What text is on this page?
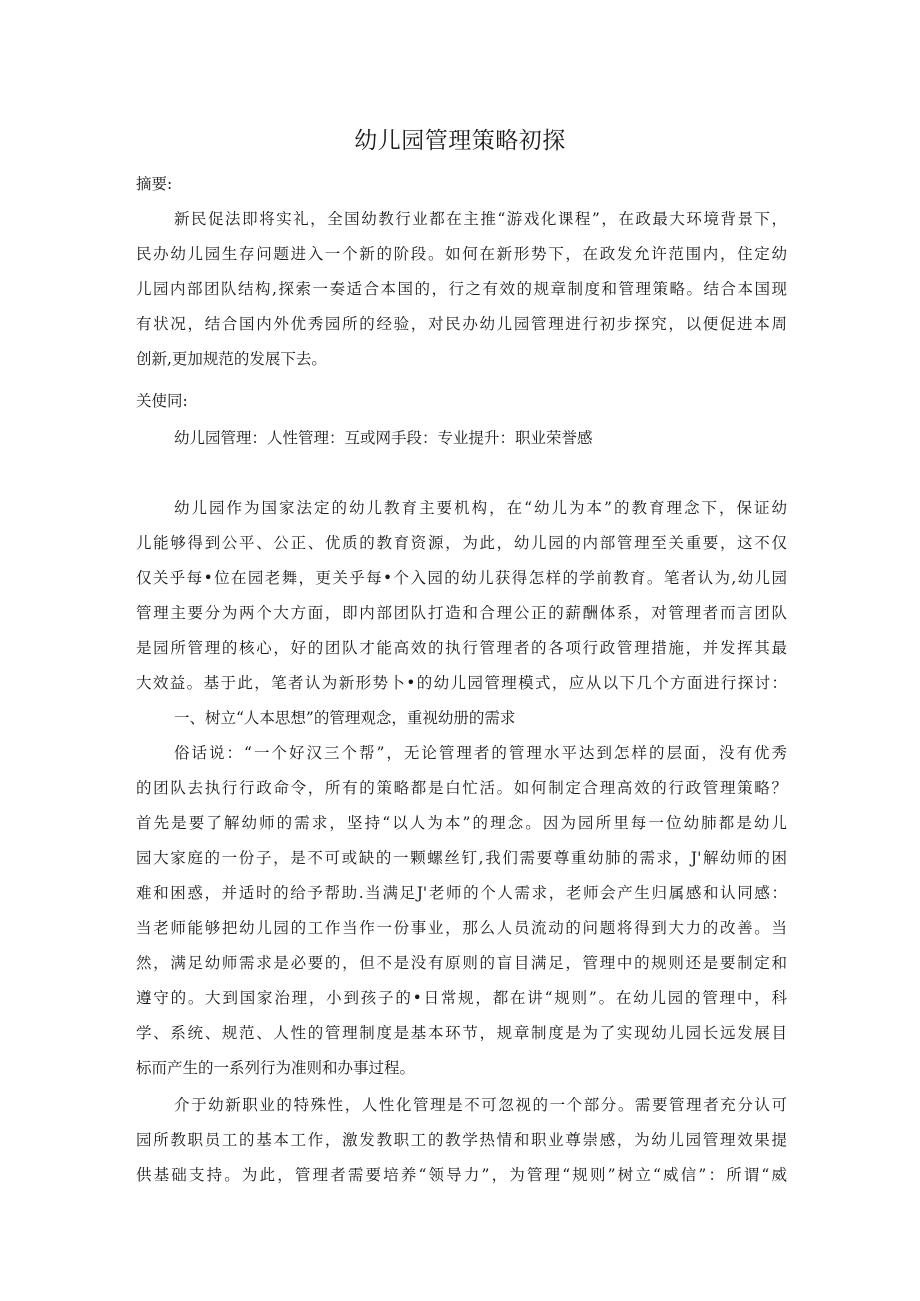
幼儿园管理策略初探
摘要:
新民促法即将实礼，全国幼教行业都在主推“游戏化课程”，在政最大环境背景下，
民办幼儿园生存问题进入一个新的阶段。如何在新形势下，在政发允许范围内，住定幼
儿园内部团队结构,探索一奏适合本国的，行之有效的规章制度和管理策略。结合本国现
有状况，结合国内外优秀园所的经验，对民办幼儿园管理进行初步探究，以便促进本周
创新,更加规范的发展下去。
关使同:
幼儿园管理：人性管理：互或网手段：专业提升：职业荣誉感
幼儿园作为国家法定的幼儿教育主要机构，在“幼儿为本”的教育理念下，保证幼
儿能够得到公平、公正、优质的教育资源，为此，幼儿园的内部管理至关重要，这不仅
仅关乎每•位在园老舞，更关乎每•个入园的幼儿获得怎样的学前教育。笔者认为,幼儿园
管理主要分为两个大方面，即内部团队打造和合理公正的薪酬体系，对管理者而言团队
是园所管理的核心，好的团队才能高效的执行管理者的各项行政管理措施，并发挥其最
大效益。基于此，笔者认为新形势卜•的幼儿园管理模式，应从以下几个方面进行探讨：
一、树立“人本思想”的管理观念，重视幼册的需求
俗话说：“一个好汉三个帮”，无论管理者的管理水平达到怎样的层面，没有优秀
的团队去执行行政命令，所有的策略都是白忙活。如何制定合理高效的行政管理策略？
首先是要了解幼师的需求，坚持“以人为本”的理念。因为园所里每一位幼肺都是幼儿
园大家庭的一份子，是不可或缺的一颗螺丝钉,我们需要尊重幼肺的需求，J'解幼师的困
难和困惑，并适时的给予帮助.当满足J'老师的个人需求，老师会产生归属感和认同感：
当老师能够把幼儿园的工作当作一份事业，那么人员流动的问题将得到大力的改善。当
然，满足幼师需求是必要的，但不是没有原则的盲目满足，管理中的规则还是要制定和
遵守的。大到国家治理，小到孩子的•日常规，都在讲“规则”。在幼儿园的管理中，科
学、系统、规范、人性的管理制度是基本环节，规章制度是为了实现幼儿园长远发展目
标而产生的一系列行为准则和办事过程。
介于幼新职业的特殊性，人性化管理是不可忽视的一个部分。需要管理者充分认可
园所教职员工的基本工作，激发教职工的教学热情和职业尊崇感，为幼儿园管理效果提
供基础支持。为此，管理者需要培养“领导力”，为管理“规则”树立“威信”：所谓“威
